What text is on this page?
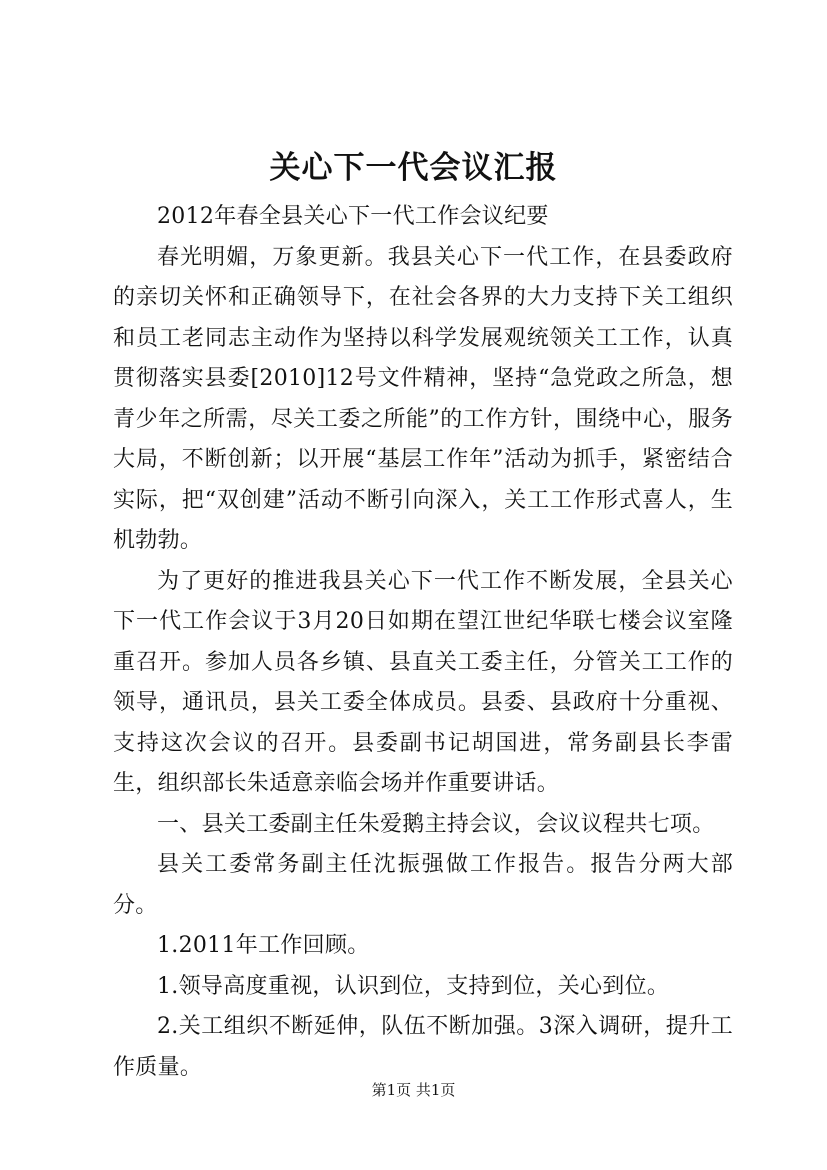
关心下一代会议汇报

2012年春全县关心下一代工作会议纪要

春光明媚，万象更新。我县关心下一代工作，在县委政府的亲切关怀和正确领导下，在社会各界的大力支持下关工组织和员工老同志主动作为坚持以科学发展观统领关工工作，认真贯彻落实县委[2010]12号文件精神，坚持“急党政之所急，想青少年之所需，尽关工委之所能”的工作方针，围绕中心，服务大局，不断创新；以开展“基层工作年”活动为抓手，紧密结合实际，把“双创建”活动不断引向深入，关工工作形式喜人，生机勃勃。

为了更好的推进我县关心下一代工作不断发展，全县关心下一代工作会议于3月20日如期在望江世纪华联七楼会议室隆重召开。参加人员各乡镇、县直关工委主任，分管关工工作的领导，通讯员，县关工委全体成员。县委、县政府十分重视、支持这次会议的召开。县委副书记胡国进，常务副县长李雷生，组织部长朱适意亲临会场并作重要讲话。

一、县关工委副主任朱爱鹅主持会议，会议议程共七项。

县关工委常务副主任沈振强做工作报告。报告分两大部分。

1.2011年工作回顾。

1.领导高度重视，认识到位，支持到位，关心到位。

2.关工组织不断延伸，队伍不断加强。3深入调研，提升工作质量。

第1页 共1页
